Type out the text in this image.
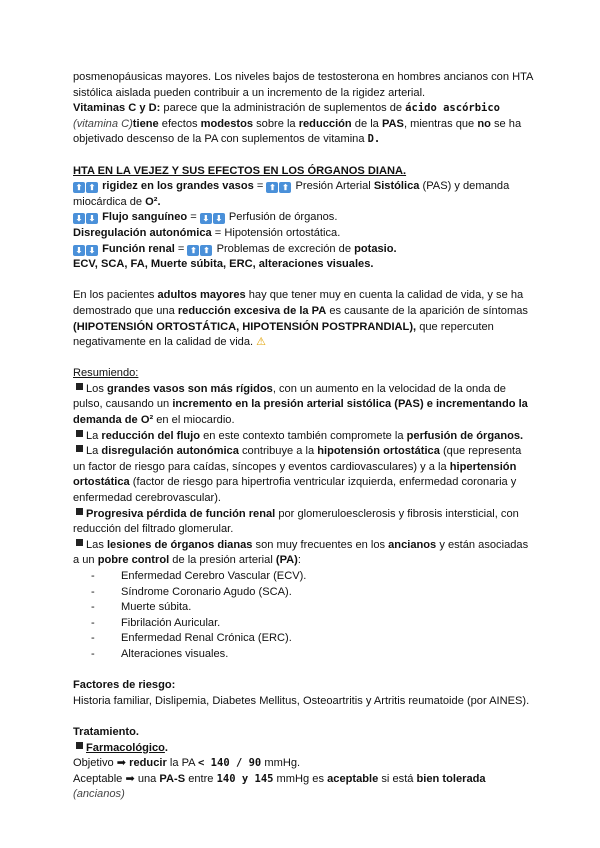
posmenopáusicas mayores. Los niveles bajos de testosterona en hombres ancianos con HTA sistólica aislada pueden contribuir a un incremento de la rigidez arterial.

Vitaminas C y D: parece que la administración de suplementos de ácido ascórbico
(vitamina C)tiene efectos modestos sobre la reducción de la PAS, mientras que no se ha objetivado descenso de la PA con suplementos de vitamina D.

HTA EN LA VEJEZ Y SUS EFECTOS EN LOS ÓRGANOS DIANA.

⬆ ⬆ rigidez en los grandes vasos = ⬆ ⬆ Presión Arterial Sistólica (PAS) y demanda miocárdica de O².

⬇ ⬇ Flujo sanguíneo = ⬇ ⬇ Perfusión de órganos.

Disregulación autonómica = Hipotensión ortostática.

⬇ ⬇ Función renal = ⬆ ⬆ Problemas de excreción de potasio.

ECV, SCA, FA, Muerte súbita, ERC, alteraciones visuales.

En los pacientes adultos mayores hay que tener muy en cuenta la calidad de vida, y se ha demostrado que una reducción excesiva de la PA es causante de la aparición de síntomas (HIPOTENSIÓN ORTOSTÁTICA, HIPOTENSIÓN POSTPRANDIAL), que repercuten negativamente en la calidad de vida. ⚠

Resumiendo:

Los grandes vasos son más rígidos, con un aumento en la velocidad de la onda de pulso, causando un incremento en la presión arterial sistólica (PAS) e incrementando la demanda de O² en el miocardio.

La reducción del flujo en este contexto también compromete la perfusión de órganos.

La disregulación autonómica contribuye a la hipotensión ortostática (que representa un factor de riesgo para caídas, síncopes y eventos cardiovasculares) y a la hipertensión ortostática (factor de riesgo para hipertrofia ventricular izquierda, enfermedad coronaria y enfermedad cerebrovascular).

Progresiva pérdida de función renal por glomeruloesclerosis y fibrosis intersticial, con reducción del filtrado glomerular.

Las lesiones de órganos dianas son muy frecuentes en los ancianos y están asociadas a un pobre control de la presión arterial (PA):

- Enfermedad Cerebro Vascular (ECV).
- Síndrome Coronario Agudo (SCA).
- Muerte súbita.
- Fibrilación Auricular.
- Enfermedad Renal Crónica (ERC).
- Alteraciones visuales.

Factores de riesgo:

Historia familiar, Dislipemia, Diabetes Mellitus, Osteoartritis y Artritis reumatoide (por AINES).

Tratamiento.

Farmacológico.

Objetivo ➡ reducir la PA < 140 / 90 mmHg.

Aceptable ➡ una PA-S entre 140 y 145 mmHg es aceptable si está bien tolerada

(ancianos)
